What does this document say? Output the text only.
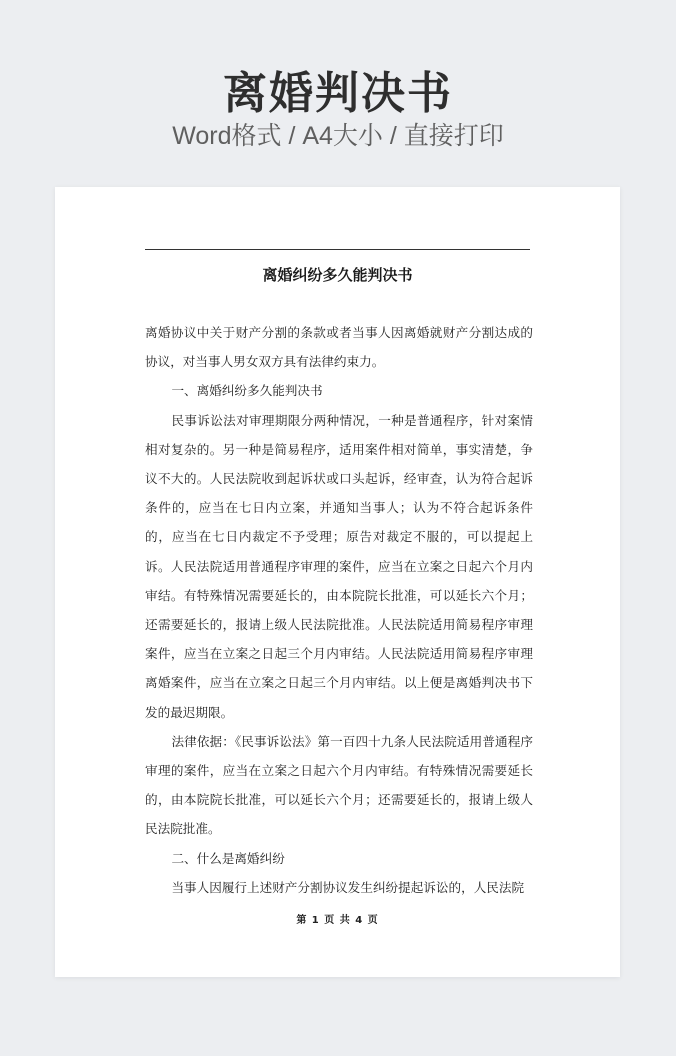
离婚判决书
Word格式 / A4大小 / 直接打印
离婚纠纷多久能判决书

离婚协议中关于财产分割的条款或者当事人因离婚就财产分割达成的协议，对当事人男女双方具有法律约束力。

一、离婚纠纷多久能判决书

民事诉讼法对审理期限分两种情况，一种是普通程序，针对案情相对复杂的。另一种是简易程序，适用案件相对简单，事实清楚，争议不大的。人民法院收到起诉状或口头起诉，经审查，认为符合起诉条件的，应当在七日内立案，并通知当事人；认为不符合起诉条件的，应当在七日内裁定不予受理；原告对裁定不服的，可以提起上诉。人民法院适用普通程序审理的案件，应当在立案之日起六个月内审结。有特殊情况需要延长的，由本院院长批准，可以延长六个月；还需要延长的，报请上级人民法院批准。人民法院适用简易程序审理案件，应当在立案之日起三个月内审结。人民法院适用简易程序审理离婚案件，应当在立案之日起三个月内审结。以上便是离婚判决书下发的最迟期限。

法律依据：《民事诉讼法》第一百四十九条人民法院适用普通程序审理的案件，应当在立案之日起六个月内审结。有特殊情况需要延长的，由本院院长批准，可以延长六个月；还需要延长的，报请上级人民法院批准。

二、什么是离婚纠纷

当事人因履行上述财产分割协议发生纠纷提起诉讼的，人民法院

第 1 页 共 4 页
